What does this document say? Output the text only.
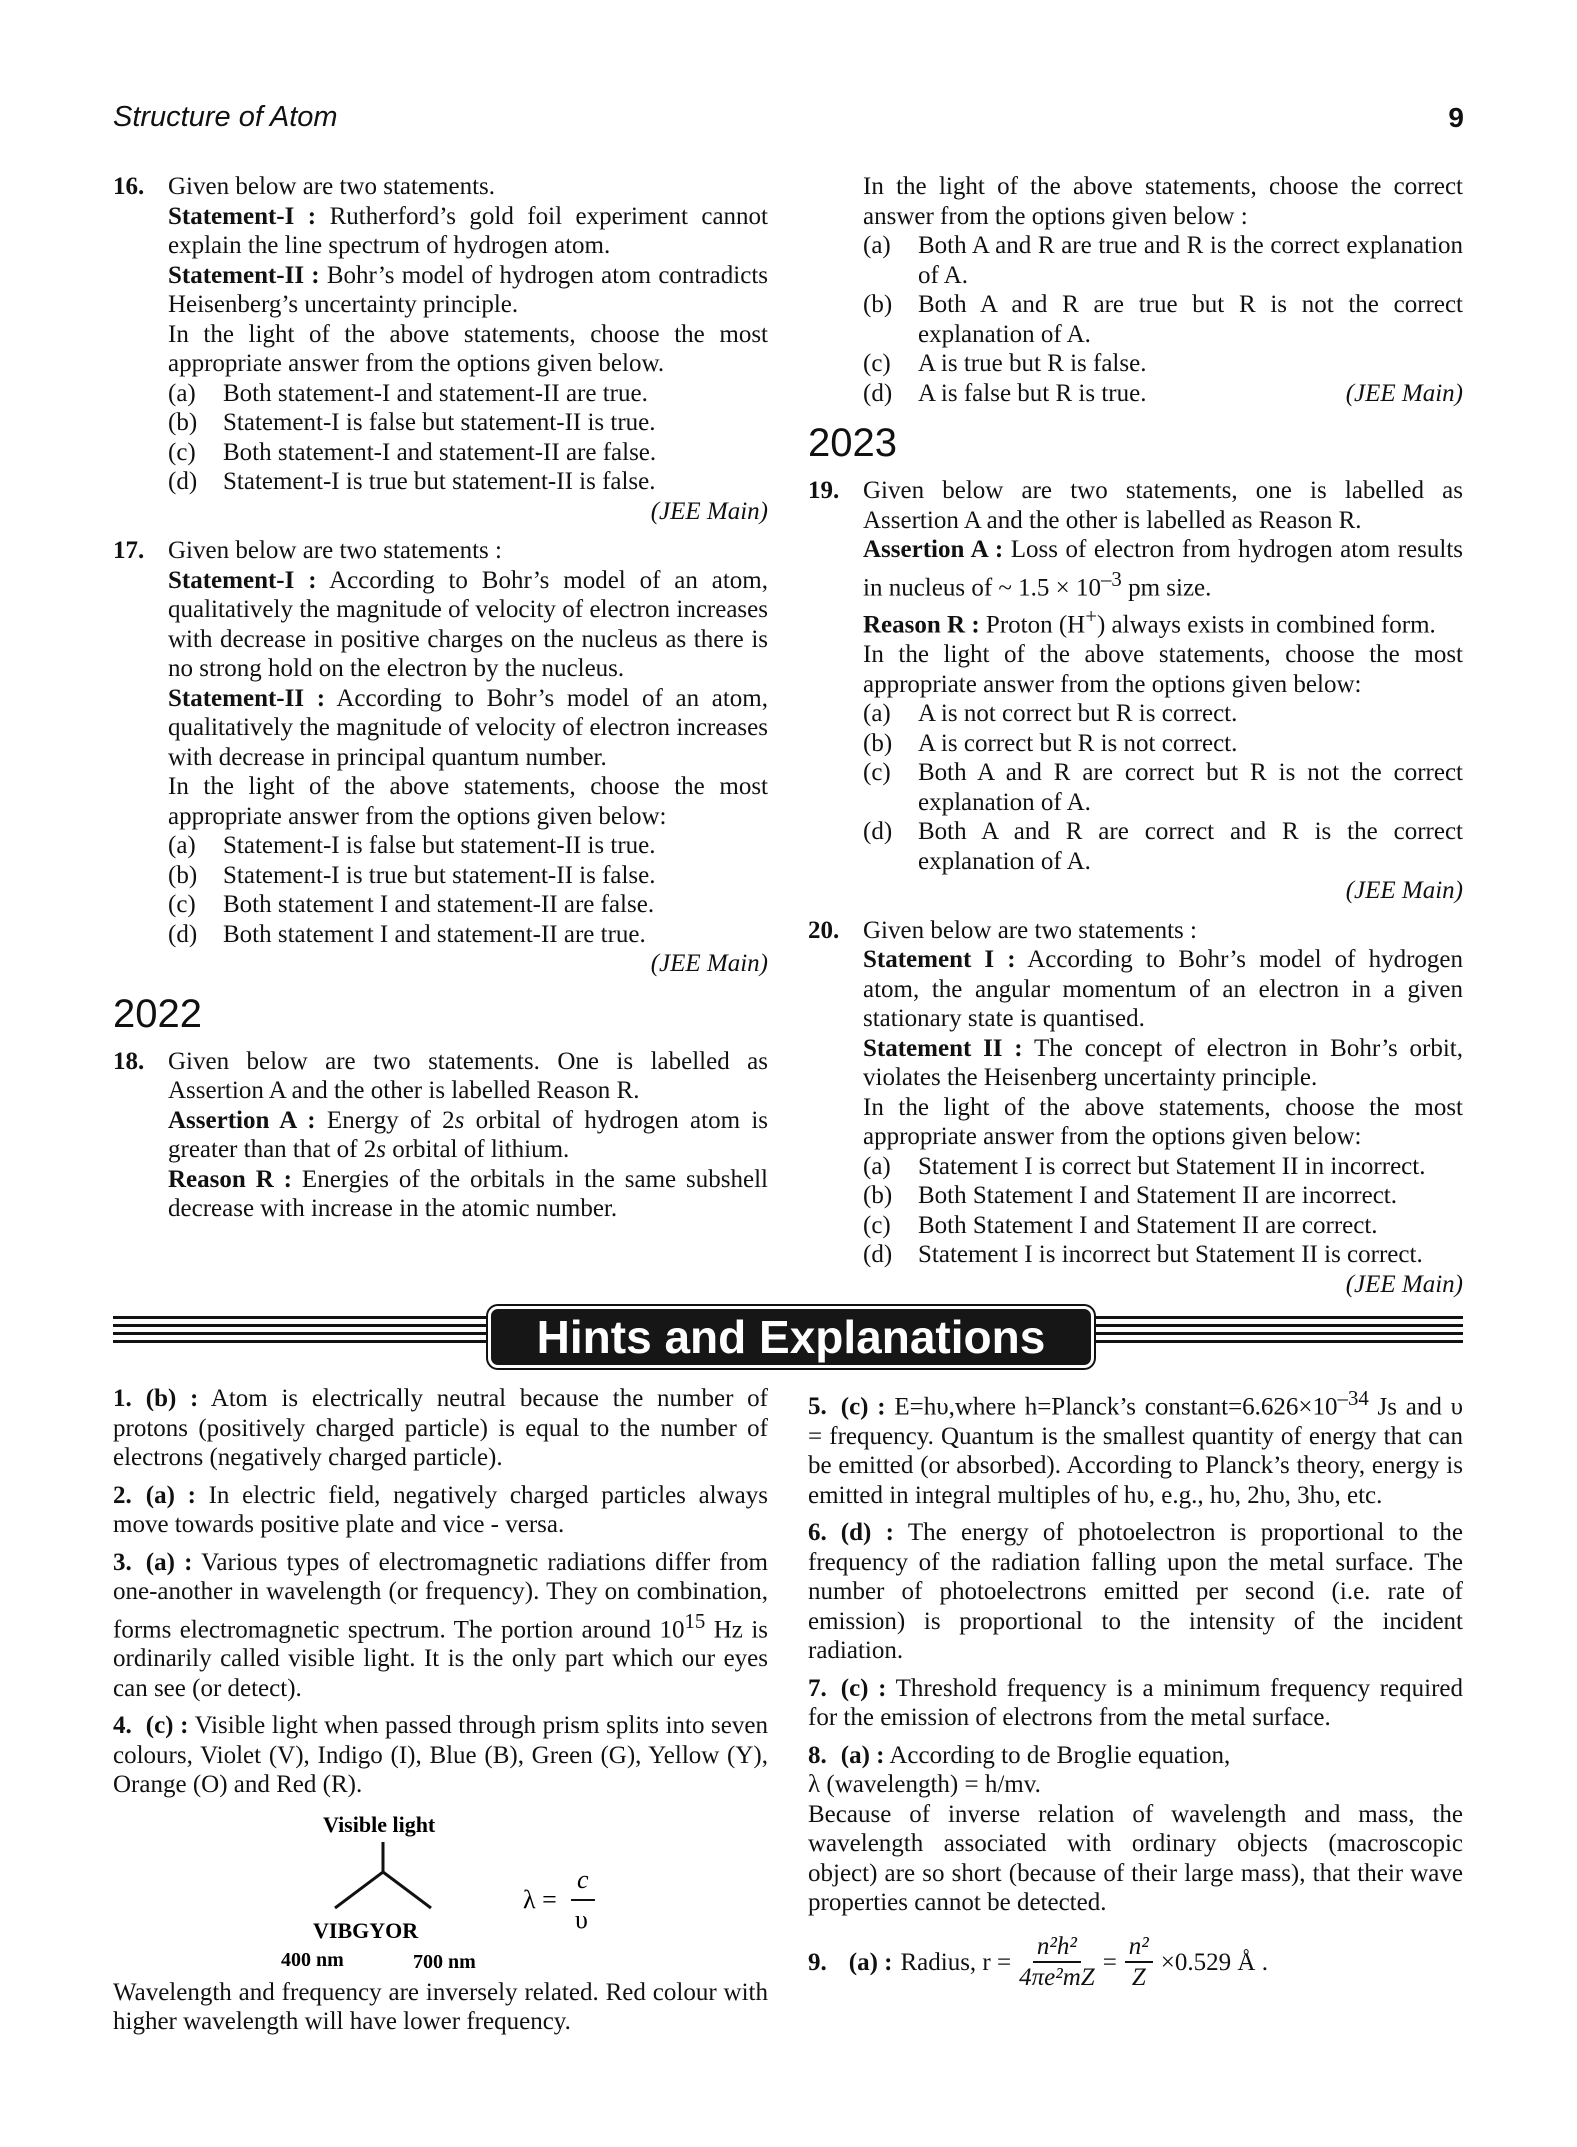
Structure of Atom	9
16. Given below are two statements.

Statement-I : Rutherford’s gold foil experiment cannot explain the line spectrum of hydrogen atom.

Statement-II : Bohr’s model of hydrogen atom contradicts Heisenberg’s uncertainty principle.

In the light of the above statements, choose the most appropriate answer from the options given below.

(a) Both statement-I and statement-II are true.
(b) Statement-I is false but statement-II is true.
(c) Both statement-I and statement-II are false.
(d) Statement-I is true but statement-II is false.
(JEE Main)
17. Given below are two statements :

Statement-I : According to Bohr’s model of an atom, qualitatively the magnitude of velocity of electron increases with decrease in positive charges on the nucleus as there is no strong hold on the electron by the nucleus.

Statement-II : According to Bohr’s model of an atom, qualitatively the magnitude of velocity of electron increases with decrease in principal quantum number.

In the light of the above statements, choose the most appropriate answer from the options given below:

(a) Statement-I is false but statement-II is true.
(b) Statement-I is true but statement-II is false.
(c) Both statement I and statement-II are false.
(d) Both statement I and statement-II are true.
(JEE Main)
2022
18. Given below are two statements. One is labelled as Assertion A and the other is labelled Reason R.

Assertion A : Energy of 2s orbital of hydrogen atom is greater than that of 2s orbital of lithium.

Reason R : Energies of the orbitals in the same subshell decrease with increase in the atomic number.

In the light of the above statements, choose the correct answer from the options given below :

(a) Both A and R are true and R is the correct explanation of A.
(b) Both A and R are true but R is not the correct explanation of A.
(c) A is true but R is false.
(d) A is false but R is true.	(JEE Main)
2023
19. Given below are two statements, one is labelled as Assertion A and the other is labelled as Reason R.

Assertion A : Loss of electron from hydrogen atom results in nucleus of ~ $1.5 \times 10^{-3}$ pm size.

Reason R : Proton (H+) always exists in combined form.

In the light of the above statements, choose the most appropriate answer from the options given below:

(a) A is not correct but R is correct.
(b) A is correct but R is not correct.
(c) Both A and R are correct but R is not the correct explanation of A.
(d) Both A and R are correct and R is the correct explanation of A.
(JEE Main)
20. Given below are two statements :

Statement I : According to Bohr’s model of hydrogen atom, the angular momentum of an electron in a given stationary state is quantised.

Statement II : The concept of electron in Bohr’s orbit, violates the Heisenberg uncertainty principle.

In the light of the above statements, choose the most appropriate answer from the options given below:

(a) Statement I is correct but Statement II in incorrect.
(b) Both Statement I and Statement II are incorrect.
(c) Both Statement I and Statement II are correct.
(d) Statement I is incorrect but Statement II is correct.
(JEE Main)
Hints and Explanations
1. (b) : Atom is electrically neutral because the number of protons (positively charged particle) is equal to the number of electrons (negatively charged particle).
2. (a) : In electric field, negatively charged particles always move towards positive plate and vice - versa.
3. (a) : Various types of electromagnetic radiations differ from one-another in wavelength (or frequency). They on combination, forms electromagnetic spectrum. The portion around $10^{15}$ Hz is ordinarily called visible light. It is the only part which our eyes can see (or detect).
4. (c) : Visible light when passed through prism splits into seven colours, Violet (V), Indigo (I), Blue (B), Green (G), Yellow (Y), Orange (O) and Red (R).
Visible light
VIBGYOR
400 nm	700 nm
λ =
c
υ
Wavelength and frequency are inversely related. Red colour with higher wavelength will have lower frequency.
5. (c) : E=hυ,where h=Planck’s $constant=6.626\times 10^{-34}$ Js and υ = frequency. Quantum is the smallest quantity of energy that can be emitted (or absorbed). According to Planck’s theory, energy is emitted in integral multiples of hυ, e.g., hυ, 2hυ, 3hυ, etc.
6. (d) : The energy of photoelectron is proportional to the frequency of the radiation falling upon the metal surface. The number of photoelectrons emitted per second (i.e. rate of emission) is proportional to the intensity of the incident radiation.
7. (c) : Threshold frequency is a minimum frequency required for the emission of electrons from the metal surface.
8. (a) : According to de Broglie equation,
λ (wavelength) = h/mv.
Because of inverse relation of wavelength and mass, the wavelength associated with ordinary objects (macroscopic object) are so short (because of their large mass), that their wave properties cannot be detected.
9. (a) : Radius, $r = \frac{\text{n²h²}}{\text{4πe²mZ}} = \frac{\text{n²}}{Z} \times 0.529$ Å .
